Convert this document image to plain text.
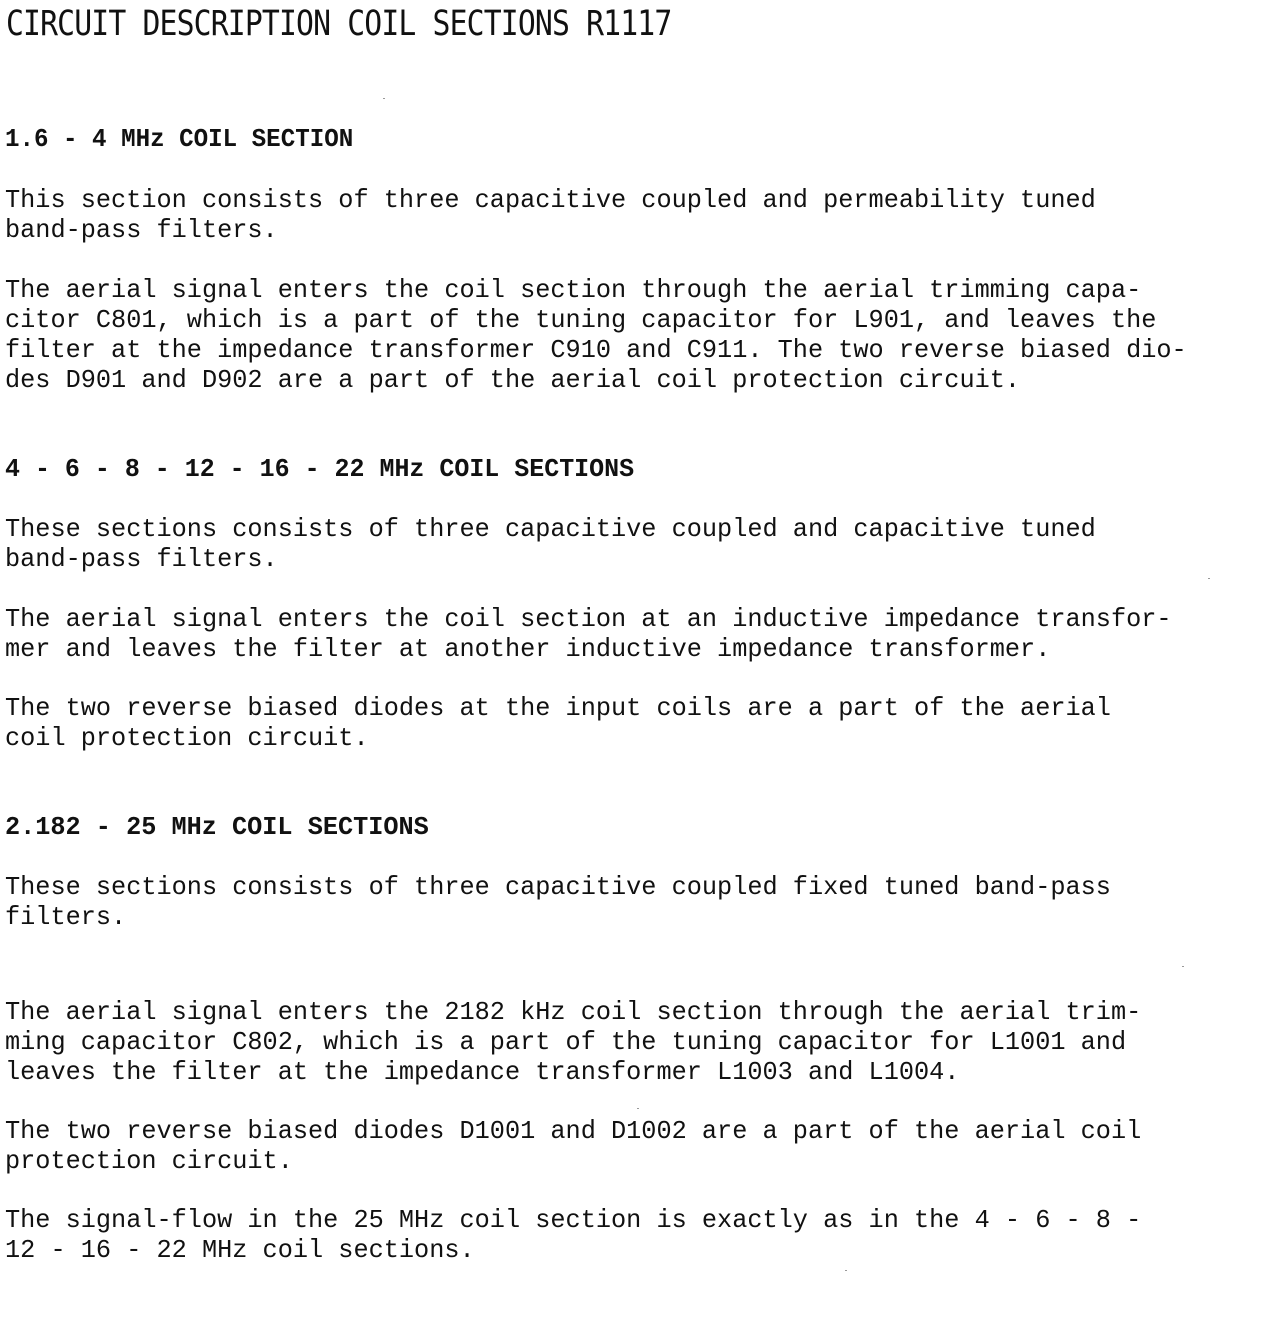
CIRCUIT DESCRIPTION COIL SECTIONS R1117
1.6 - 4 MHz COIL SECTION

This section consists of three capacitive coupled and permeability tuned

band-pass filters.

The aerial signal enters the coil section through the aerial trimming capa-

citor C801, which is a part of the tuning capacitor for L901, and leaves the

filter at the impedance transformer C910 and C911. The two reverse biased dio-

des D901 and D902 are a part of the aerial coil protection circuit.

4 - 6 - 8 - 12 - 16 - 22 MHz COIL SECTIONS

These sections consists of three capacitive coupled and capacitive tuned

band-pass filters.

The aerial signal enters the coil section at an inductive impedance transfor-

mer and leaves the filter at another inductive impedance transformer.

The two reverse biased diodes at the input coils are a part of the aerial

coil protection circuit.

2.182 - 25 MHz COIL SECTIONS

These sections consists of three capacitive coupled fixed tuned band-pass

filters.

The aerial signal enters the 2182 kHz coil section through the aerial trim-

ming capacitor C802, which is a part of the tuning capacitor for L1001 and

leaves the filter at the impedance transformer L1003 and L1004.

The two reverse biased diodes D1001 and D1002 are a part of the aerial coil

protection circuit.

The signal-flow in the 25 MHz coil section is exactly as in the 4 - 6 - 8 -

12 - 16 - 22 MHz coil sections.
